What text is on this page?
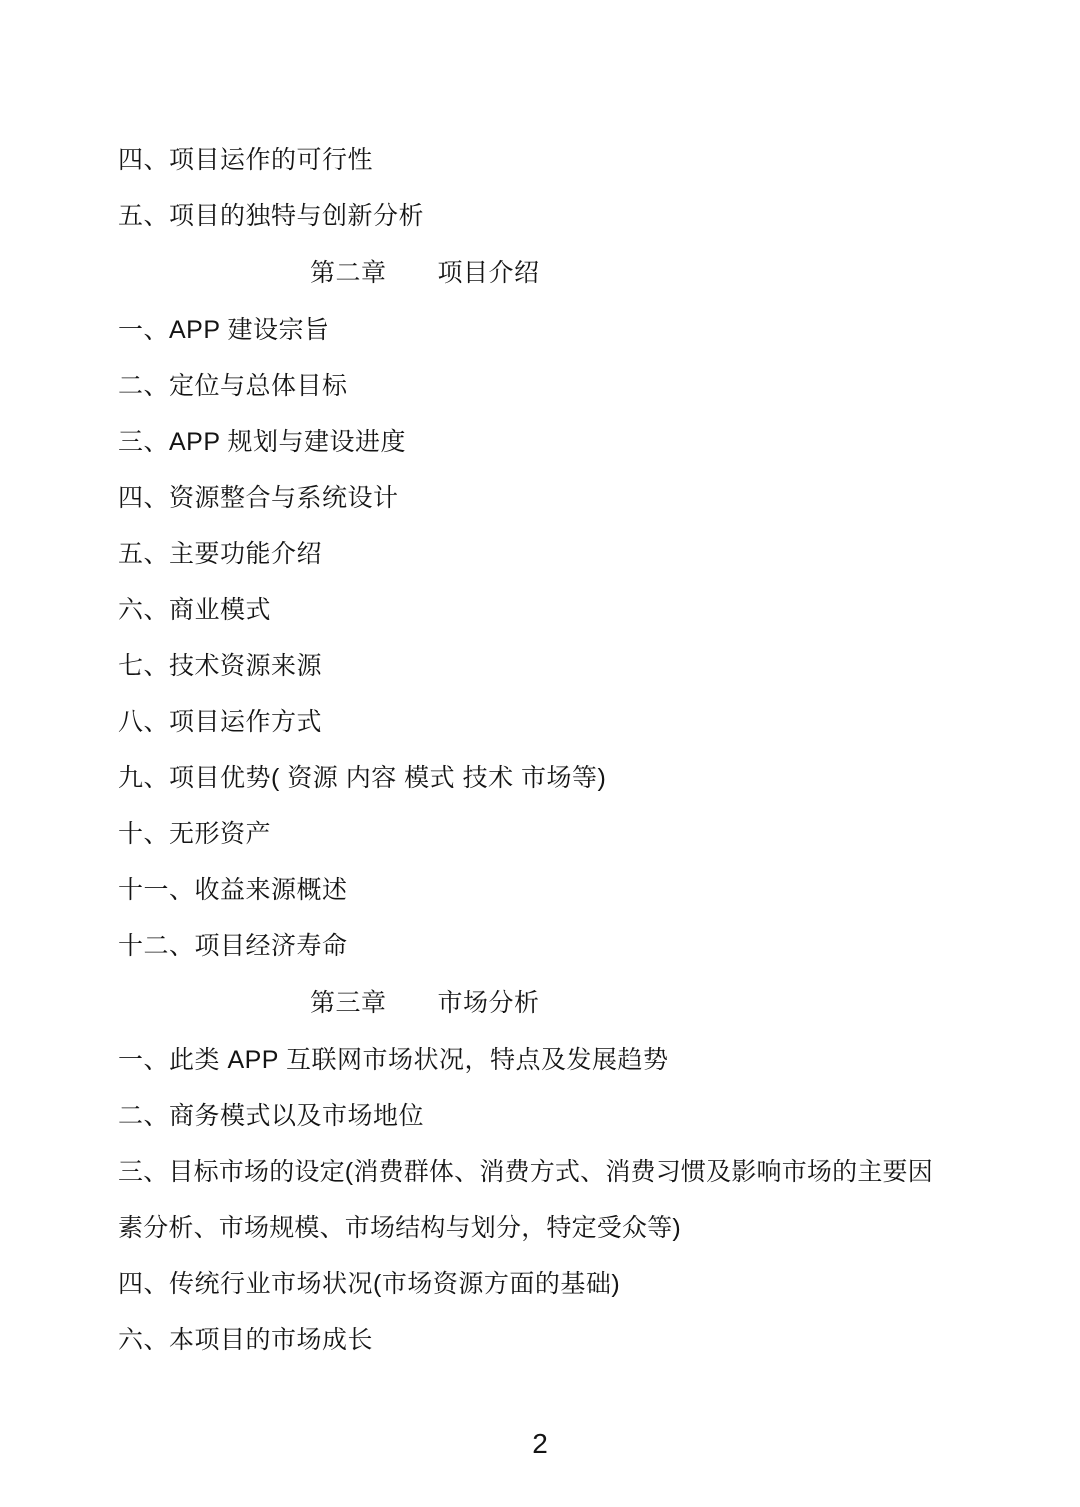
四、项目运作的可行性
五、项目的独特与创新分析
第二章　　项目介绍
一、APP 建设宗旨
二、定位与总体目标
三、APP 规划与建设进度
四、资源整合与系统设计
五、主要功能介绍
六、商业模式
七、技术资源来源
八、项目运作方式
九、项目优势( 资源 内容 模式 技术 市场等)
十、无形资产
十一、收益来源概述
十二、项目经济寿命
第三章　　市场分析
一、此类 APP 互联网市场状况，特点及发展趋势
二、商务模式以及市场地位
三、目标市场的设定(消费群体、消费方式、消费习惯及影响市场的主要因
素分析、市场规模、市场结构与划分，特定受众等)
四、传统行业市场状况(市场资源方面的基础)
六、本项目的市场成长
2
